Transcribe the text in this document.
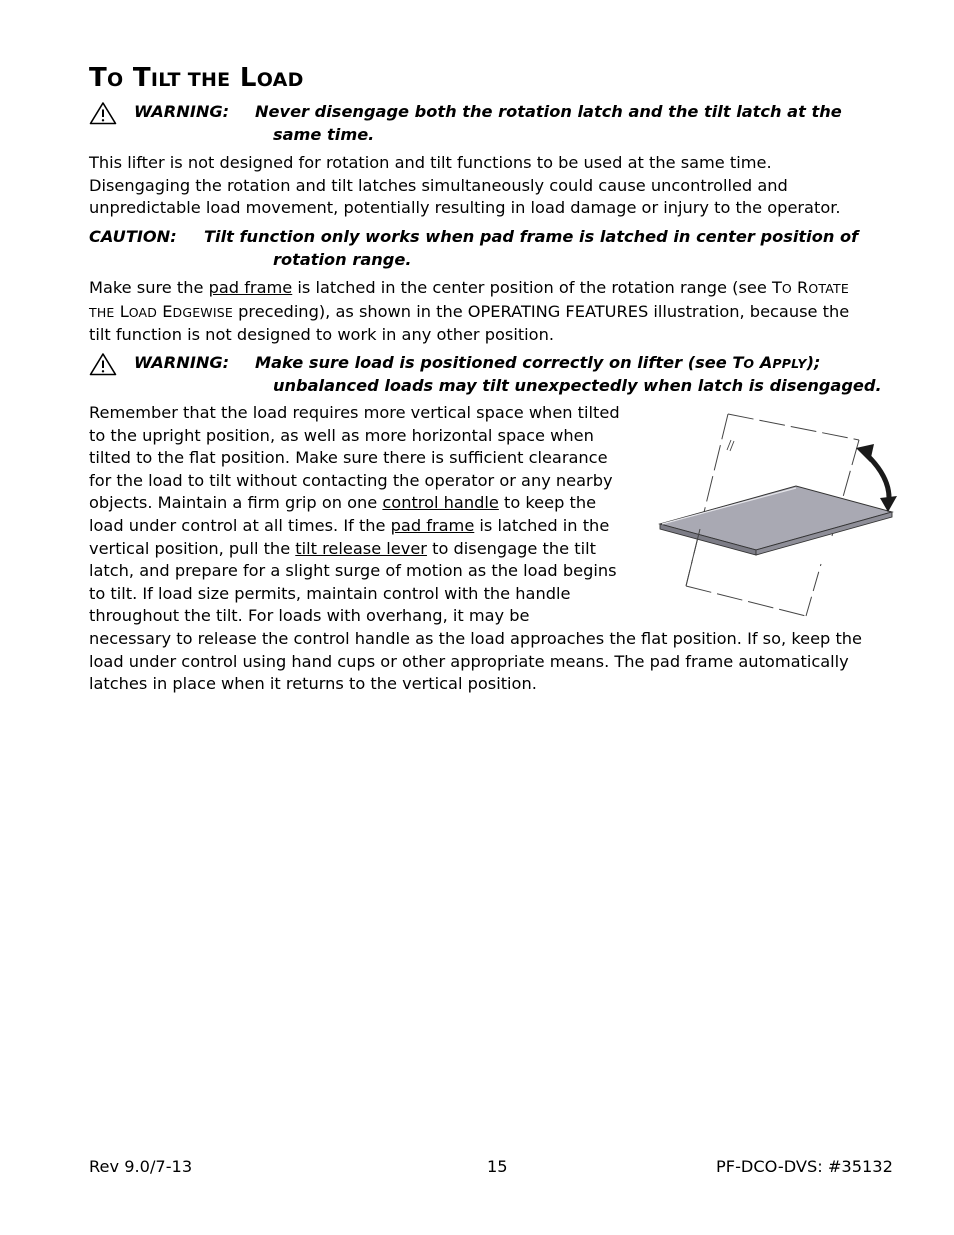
TO TILT THE LOAD
WARNING: Never disengage both the rotation latch and the tilt latch at the
same time.

This lifter is not designed for rotation and tilt functions to be used at the same time.
Disengaging the rotation and tilt latches simultaneously could cause uncontrolled and
unpredictable load movement, potentially resulting in load damage or injury to the operator.

CAUTION: Tilt function only works when pad frame is latched in center position of
rotation range.

Make sure the pad frame is latched in the center position of the rotation range (see TO ROTATE
THE LOAD EDGEWISE preceding), as shown in the OPERATING FEATURES illustration, because the
tilt function is not designed to work in any other position.

WARNING: Make sure load is positioned correctly on lifter (see TO APPLY);
unbalanced loads may tilt unexpectedly when latch is disengaged.

Remember that the load requires more vertical space when tilted
to the upright position, as well as more horizontal space when
tilted to the flat position. Make sure there is sufficient clearance
for the load to tilt without contacting the operator or any nearby
objects. Maintain a firm grip on one control handle to keep the
load under control at all times. If the pad frame is latched in the
vertical position, pull the tilt release lever to disengage the tilt
latch, and prepare for a slight surge of motion as the load begins
to tilt. If load size permits, maintain control with the handle
throughout the tilt. For loads with overhang, it may be
necessary to release the control handle as the load approaches the flat position. If so, keep the
load under control using hand cups or other appropriate means. The pad frame automatically
latches in place when it returns to the vertical position.

Rev 9.0/7-13	15	PF-DCO-DVS: #35132
